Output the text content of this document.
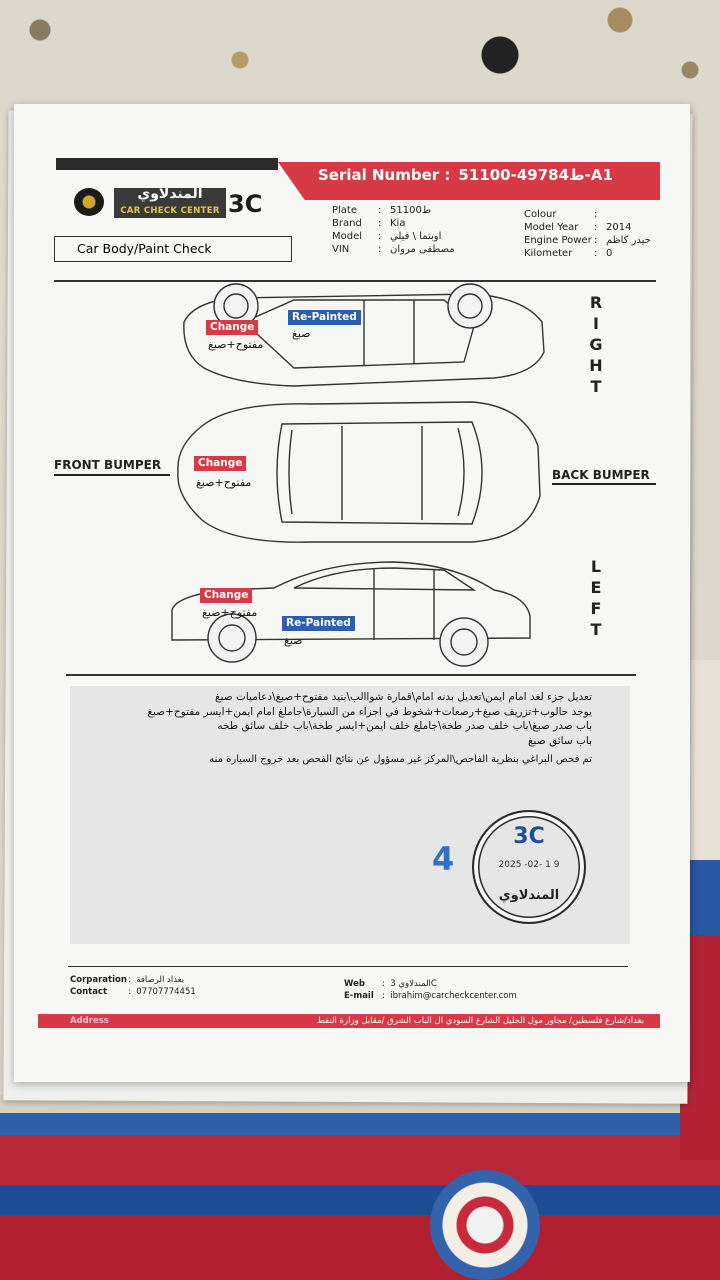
Serial Number : ط49784-51100-A1
المندلاوي
CAR CHECK CENTER 3C
Car Body/Paint Check
Plate : ط51100
Brand : Kia
Model : اوبتما \ فيلي
VIN	: مصطفى مروان
Colour	:
Model Year : 2014
Engine Power : حيدر كاظم
Kilometer : 0
R I G H T
Change
مفتوح+صبغ
Re-Painted
صبغ
FRONT BUMPER
BACK BUMPER
Change
مفتوح+صبغ
L E F T
Change
مفتوح+صبغ
Re-Painted
صبغ

تعديل جزء لغد امام ايمن\تعديل بدنه امام\قمارة شواالب\بنيد مفتوح+صبغ\دعاميات صبغ

يوجد حالوب+تزريف صبغ+رصعات+شخوط في اجزاء من السيارة\جاملغ امام ايمن+ايسر مفتوح+صبغ

باب صدر صبغ\باب خلف صدر طخة\جاملغ خلف ايمن+ايسر طخة\باب خلف سائق طخه

باب سائق صبغ

تم فحص البراغي بنظرية الفاحص\المركز غير مسؤول عن نتائج الفحص بعد خروج السيارة منه
4
3C
2025 -02- 1 9
المندلاوي
Corparation: بغداد الرصافة
Contact : 07707774451
Web : المندلاوي 3C
E-mail : ibrahim@carcheckcenter.com
Address	بغداد/شارع فلسطين/ مجاور مول الجليل الشارع السودي ال الباب الشرق /مقابل وزارة النفط
